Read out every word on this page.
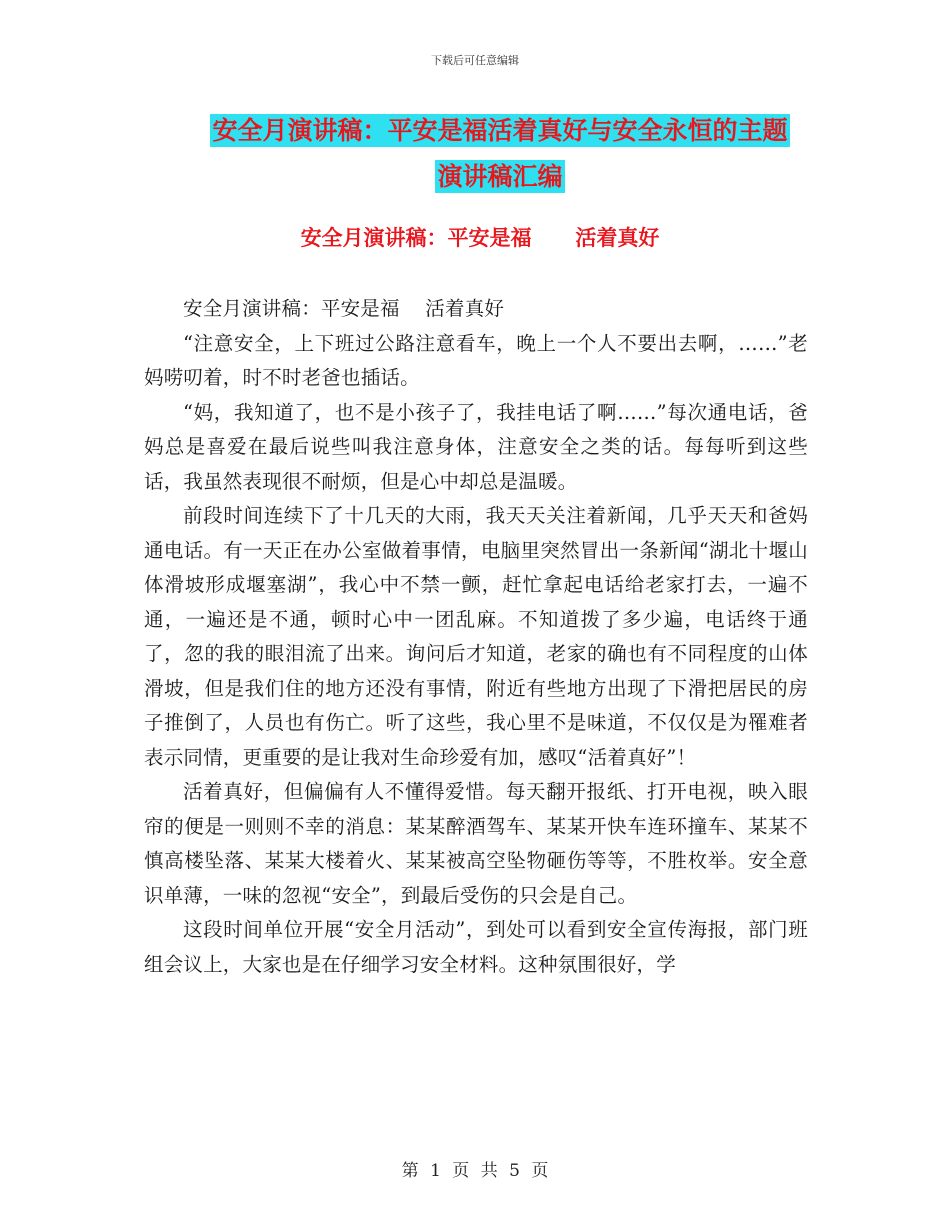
下载后可任意编辑
安全月演讲稿：平安是福活着真好与安全永恒的主题
演讲稿汇编
安全月演讲稿：平安是福      活着真好

安全月演讲稿：平安是福    活着真好

“注意安全，上下班过公路注意看车，晚上一个人不要出去啊，……”老妈唠叨着，时不时老爸也插话。

“妈，我知道了，也不是小孩子了，我挂电话了啊……”每次通电话，爸妈总是喜爱在最后说些叫我注意身体，注意安全之类的话。每每听到这些话，我虽然表现很不耐烦，但是心中却总是温暖。

前段时间连续下了十几天的大雨，我天天关注着新闻，几乎天天和爸妈通电话。有一天正在办公室做着事情，电脑里突然冒出一条新闻“湖北十堰山体滑坡形成堰塞湖”，我心中不禁一颤，赶忙拿起电话给老家打去，一遍不通，一遍还是不通，顿时心中一团乱麻。不知道拨了多少遍，电话终于通了，忽的我的眼泪流了出来。询问后才知道，老家的确也有不同程度的山体滑坡，但是我们住的地方还没有事情，附近有些地方出现了下滑把居民的房子推倒了，人员也有伤亡。听了这些，我心里不是味道，不仅仅是为罹难者表示同情，更重要的是让我对生命珍爱有加，感叹“活着真好”！

活着真好，但偏偏有人不懂得爱惜。每天翻开报纸、打开电视，映入眼帘的便是一则则不幸的消息：某某醉酒驾车、某某开快车连环撞车、某某不慎高楼坠落、某某大楼着火、某某被高空坠物砸伤等等，不胜枚举。安全意识单薄，一味的忽视“安全”，到最后受伤的只会是自己。

这段时间单位开展“安全月活动”，到处可以看到安全宣传海报，部门班组会议上，大家也是在仔细学习安全材料。这种氛围很好，学

第 1 页 共 5 页
